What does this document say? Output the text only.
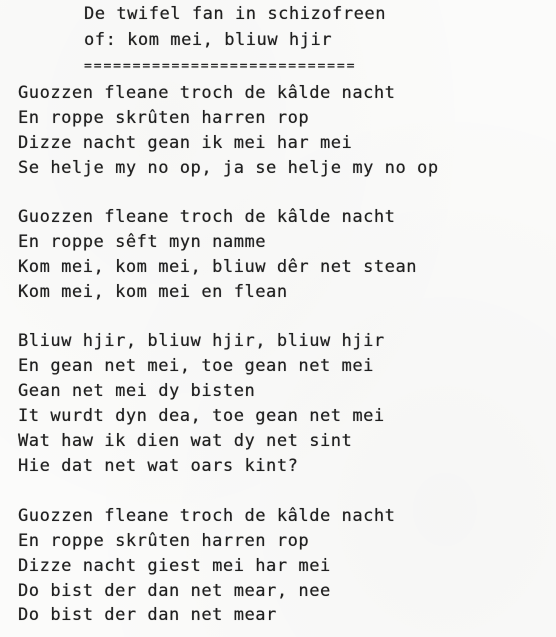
De twifel fan in schizofreen
of: kom mei, bliuw hjir
============================
Guozzen fleane troch de kâlde nacht
En roppe skrûten harren rop
Dizze nacht gean ik mei har mei
Se helje my no op, ja se helje my no op
Guozzen fleane troch de kâlde nacht
En roppe sêft myn namme
Kom mei, kom mei, bliuw dêr net stean
Kom mei, kom mei en flean
Bliuw hjir, bliuw hjir, bliuw hjir
En gean net mei, toe gean net mei
Gean net mei dy bisten
It wurdt dyn dea, toe gean net mei
Wat haw ik dien wat dy net sint
Hie dat net wat oars kint?
Guozzen fleane troch de kâlde nacht
En roppe skrûten harren rop
Dizze nacht giest mei har mei
Do bist der dan net mear, nee
Do bist der dan net mear
